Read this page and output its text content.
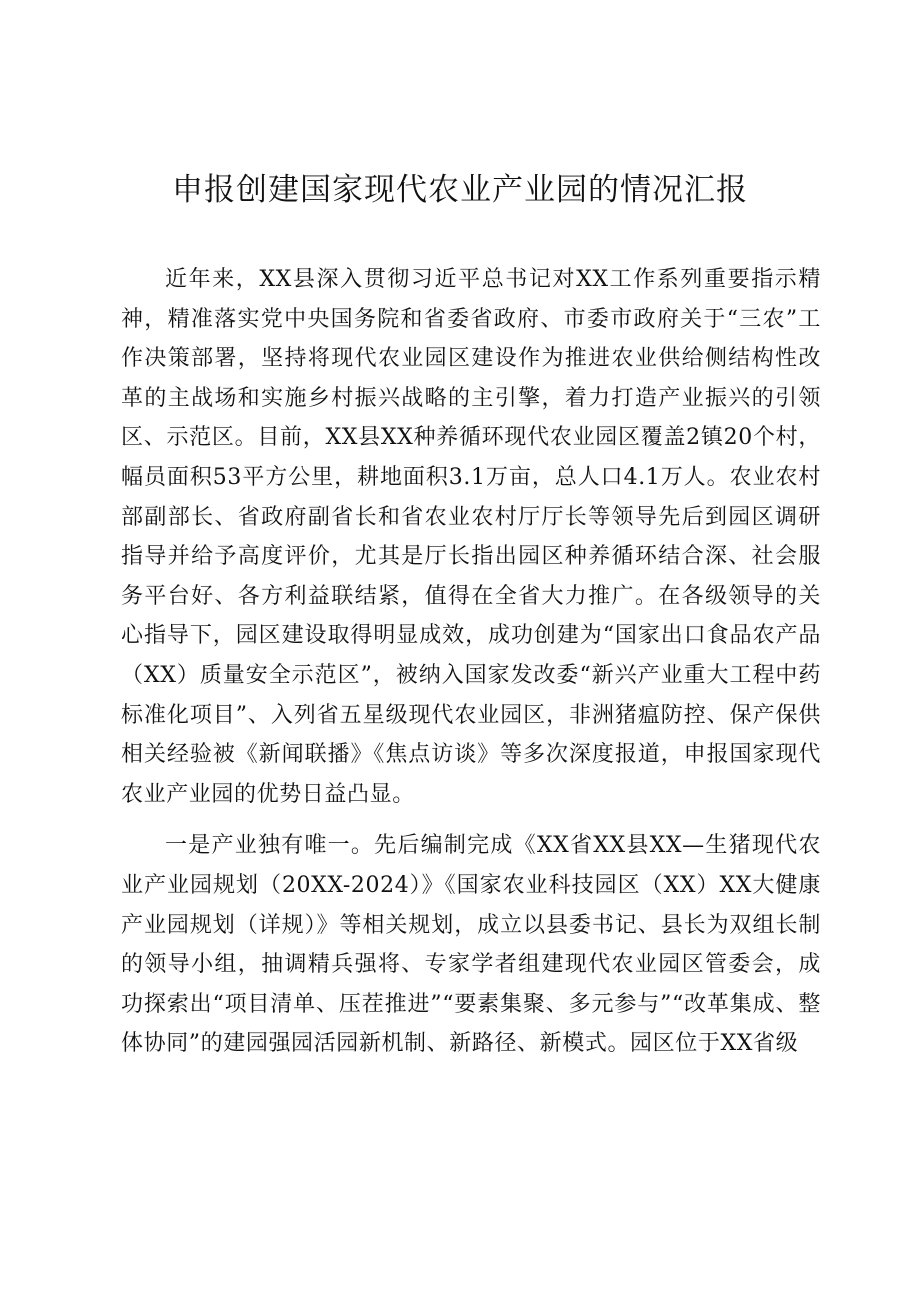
申报创建国家现代农业产业园的情况汇报

近年来，XX县深入贯彻习近平总书记对XX工作系列重要指示精神，精准落实党中央国务院和省委省政府、市委市政府关于“三农”工作决策部署，坚持将现代农业园区建设作为推进农业供给侧结构性改革的主战场和实施乡村振兴战略的主引擎，着力打造产业振兴的引领区、示范区。目前，XX县XX种养循环现代农业园区覆盖2镇20个村，幅员面积53平方公里，耕地面积3.1万亩，总人口4.1万人。农业农村部副部长、省政府副省长和省农业农村厅厅长等领导先后到园区调研指导并给予高度评价，尤其是厅长指出园区种养循环结合深、社会服务平台好、各方利益联结紧，值得在全省大力推广。在各级领导的关心指导下，园区建设取得明显成效，成功创建为“国家出口食品农产品（XX）质量安全示范区”，被纳入国家发改委“新兴产业重大工程中药标准化项目”、入列省五星级现代农业园区，非洲猪瘟防控、保产保供相关经验被《新闻联播》《焦点访谈》等多次深度报道，申报国家现代农业产业园的优势日益凸显。

一是产业独有唯一。先后编制完成《XX省XX县XX—生猪现代农业产业园规划（20XX-2024）》《国家农业科技园区（XX）XX大健康产业园规划（详规）》等相关规划，成立以县委书记、县长为双组长制的领导小组，抽调精兵强将、专家学者组建现代农业园区管委会，成功探索出“项目清单、压茬推进”“要素集聚、多元参与”“改革集成、整体协同”的建园强园活园新机制、新路径、新模式。园区位于XX省级
